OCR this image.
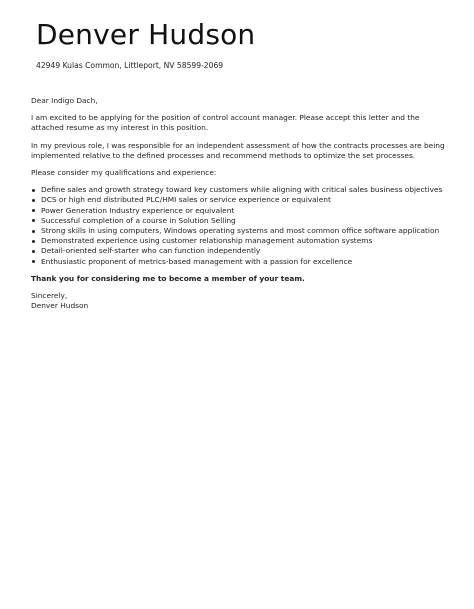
Denver Hudson
42949 Kulas Common, Littleport, NV 58599-2069

Dear Indigo Dach,

I am excited to be applying for the position of control account manager. Please accept this letter and the attached resume as my interest in this position.

In my previous role, I was responsible for an independent assessment of how the contracts processes are being implemented relative to the defined processes and recommend methods to optimize the set processes.

Please consider my qualifications and experience:

Define sales and growth strategy toward key customers while aligning with critical sales business objectives
DCS or high end distributed PLC/HMI sales or service experience or equivalent
Power Generation Industry experience or equivalent
Successful completion of a course in Solution Selling
Strong skills in using computers, Windows operating systems and most common office software application
Demonstrated experience using customer relationship management automation systems
Detail-oriented self-starter who can function independently
Enthusiastic proponent of metrics-based management with a passion for excellence

Thank you for considering me to become a member of your team.

Sincerely,

Denver Hudson
